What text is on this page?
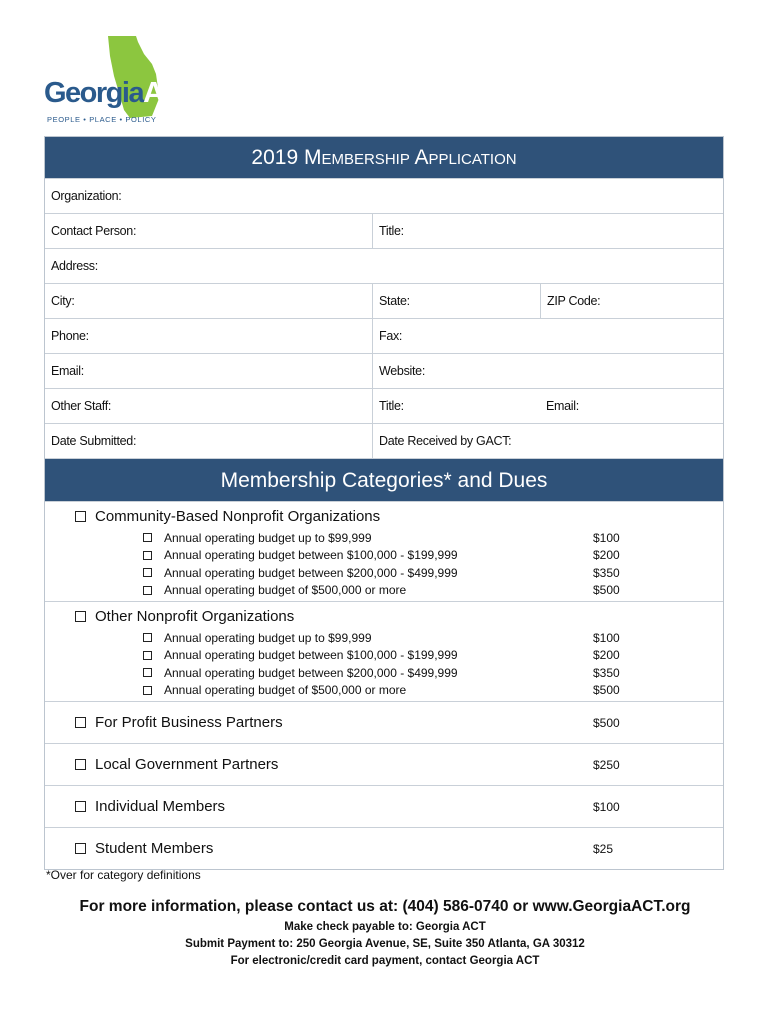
GeorgiaACT
PEOPLE • PLACE • POLICY
2019 Membership Application
Organization:
Contact Person:	Title:
Address:
City:	State:	ZIP Code:
Phone:	Fax:
Email:	Website:
Other Staff:	Title:	Email:
Date Submitted:	Date Received by GACT:
Membership Categories* and Dues
Community-Based Nonprofit Organizations
Annual operating budget up to $99,999	$100
Annual operating budget between $100,000 - $199,999	$200
Annual operating budget between $200,000 - $499,999	$350
Annual operating budget of $500,000 or more	$500
Other Nonprofit Organizations
Annual operating budget up to $99,999	$100
Annual operating budget between $100,000 - $199,999	$200
Annual operating budget between $200,000 - $499,999	$350
Annual operating budget of $500,000 or more	$500
For Profit Business Partners	$500
Local Government Partners	$250
Individual Members	$100
Student Members	$25
*Over for category definitions
For more information, please contact us at: (404) 586-0740 or www.GeorgiaACT.org
Make check payable to: Georgia ACT
Submit Payment to: 250 Georgia Avenue, SE, Suite 350 Atlanta, GA 30312
For electronic/credit card payment, contact Georgia ACT
